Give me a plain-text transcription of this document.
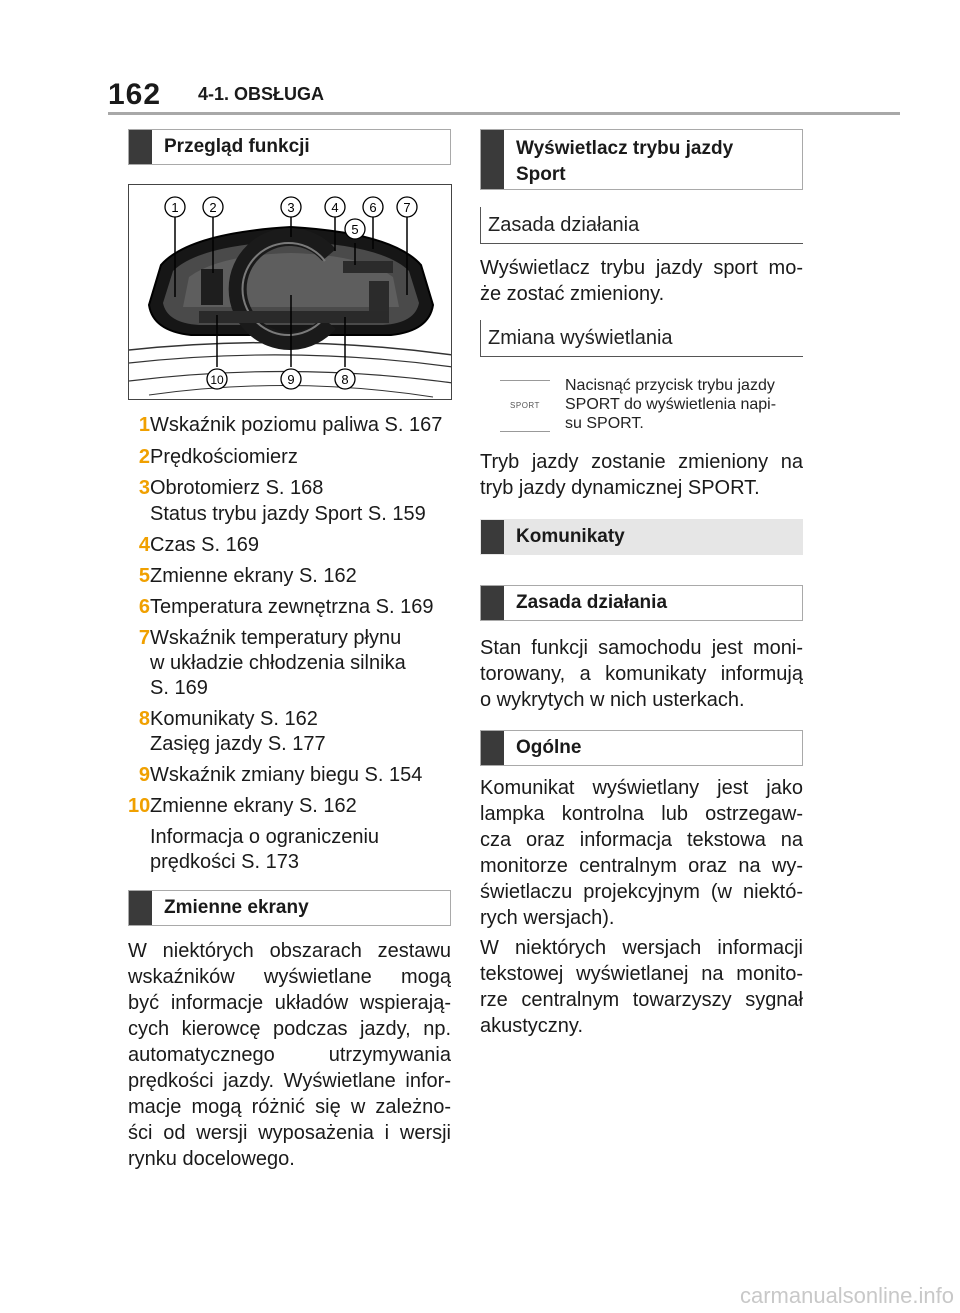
162 4-1. OBSŁUGA
Przegląd funkcji
1 2	3	4
5
6 7
10	9	8
1 Wskaźnik poziomu paliwa S. 167
2 Prędkościomierz
3 Obrotomierz S. 168
Status trybu jazdy Sport S. 159
4 Czas S. 169
5 Zmienne ekrany S. 162
6 Temperatura zewnętrzna S. 169
7 Wskaźnik temperatury płynu
w układzie chłodzenia silnika
S. 169
8 Komunikaty S. 162
Zasięg jazdy S. 177
9 Wskaźnik zmiany biegu S. 154
10 Zmienne ekrany S. 162
Informacja o ograniczeniu
prędkości S. 173
Zmienne ekrany
W niektórych obszarach zestawu
wskaźników wyświetlane mogą
być informacje układów wspierają-
cych kierowcę podczas jazdy, np.
automatycznego utrzymywania
prędkości jazdy. Wyświetlane infor-
macje mogą różnić się w zależno-
ści od wersji wyposażenia i wersji
rynku docelowego.
Wyświetlacz trybu jazdy
Sport
Zasada działania
Wyświetlacz trybu jazdy sport mo-
że zostać zmieniony.
Zmiana wyświetlania
SPORT
Nacisnąć przycisk trybu jazdy
SPORT do wyświetlenia napi-
su SPORT.
Tryb jazdy zostanie zmieniony na
tryb jazdy dynamicznej SPORT.
Komunikaty
Zasada działania
Stan funkcji samochodu jest moni-
torowany, a komunikaty informują
o wykrytych w nich usterkach.
Ogólne
Komunikat wyświetlany jest jako
lampka kontrolna lub ostrzegaw-
cza oraz informacja tekstowa na
monitorze centralnym oraz na wy-
świetlaczu projekcyjnym (w niektó-
rych wersjach).
W niektórych wersjach informacji
tekstowej wyświetlanej na monito-
rze centralnym towarzyszy sygnał
akustyczny.
carmanualsonline.info
